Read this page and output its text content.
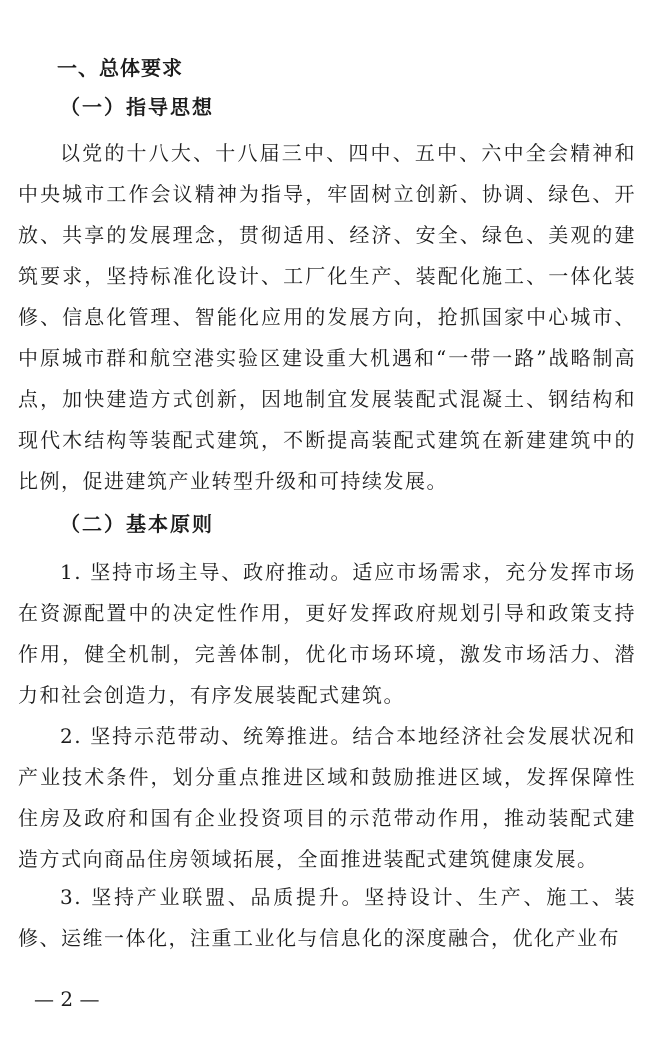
一、总体要求
（一）指导思想
以党的十八大、十八届三中、四中、五中、六中全会精神和中央城市工作会议精神为指导，牢固树立创新、协调、绿色、开放、共享的发展理念，贯彻适用、经济、安全、绿色、美观的建筑要求，坚持标准化设计、工厂化生产、装配化施工、一体化装修、信息化管理、智能化应用的发展方向，抢抓国家中心城市、中原城市群和航空港实验区建设重大机遇和“一带一路”战略制高点，加快建造方式创新，因地制宜发展装配式混凝土、钢结构和现代木结构等装配式建筑，不断提高装配式建筑在新建建筑中的比例，促进建筑产业转型升级和可持续发展。
（二）基本原则
1. 坚持市场主导、政府推动。适应市场需求，充分发挥市场在资源配置中的决定性作用，更好发挥政府规划引导和政策支持作用，健全机制，完善体制，优化市场环境，激发市场活力、潜力和社会创造力，有序发展装配式建筑。
2. 坚持示范带动、统筹推进。结合本地经济社会发展状况和产业技术条件，划分重点推进区域和鼓励推进区域，发挥保障性住房及政府和国有企业投资项目的示范带动作用，推动装配式建造方式向商品住房领域拓展，全面推进装配式建筑健康发展。
3. 坚持产业联盟、品质提升。坚持设计、生产、施工、装修、运维一体化，注重工业化与信息化的深度融合，优化产业布
— 2 —
